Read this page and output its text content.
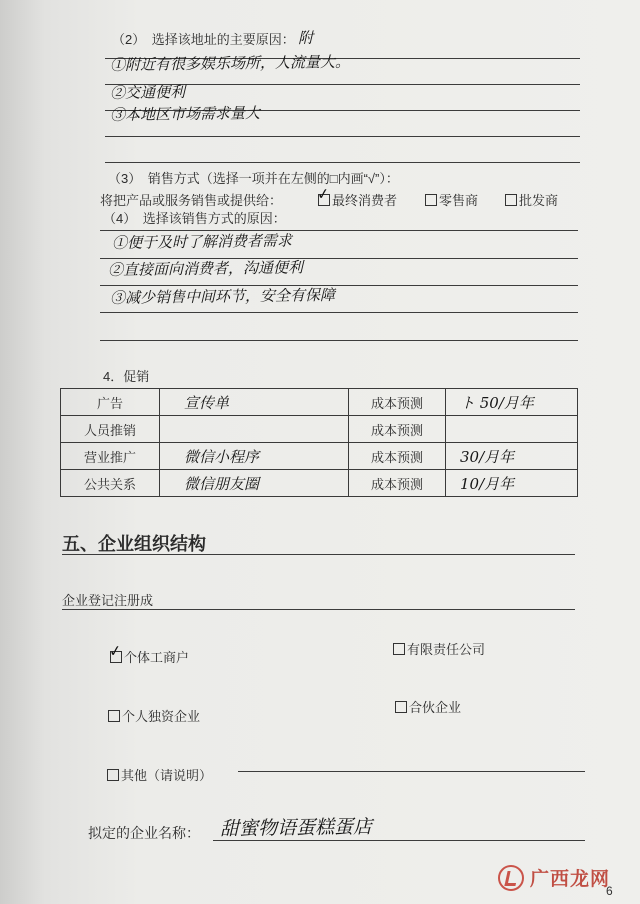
（2）　选择该地址的主要原因： 附
①附近有很多娱乐场所，人流量大。
②交通便利
③本地区市场需求量大
（3）　销售方式（选择一项并在左侧的□内画“√”）：
将把产品或服务销售或提供给： ✓ 最终消费者	零售商	批发商
（4）　选择该销售方式的原因：
①便于及时了解消费者需求
②直接面向消费者，沟通便利
③减少销售中间环节，安全有保障
4．促销
广告	宣传单	成本预测	ト 50/月年
人员推销		成本预测	
营业推广	微信小程序	成本预测	30/月年
公共关系	微信朋友圈	成本预测	10/月年
五、企业组织结构
企业登记注册成
✓ 个体工商户
有限责任公司
个人独资企业
合伙企业
其他（请说明）
拟定的企业名称： 甜蜜物语蛋糕蛋店
广西龙网
6
